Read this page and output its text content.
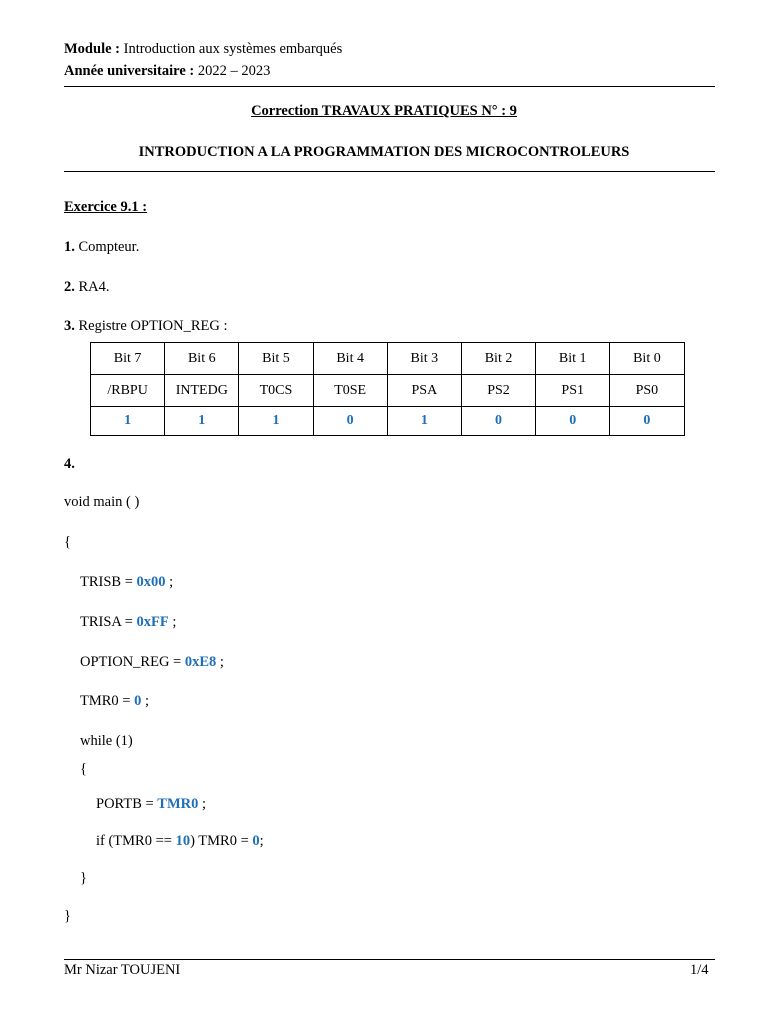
Module : Introduction aux systèmes embarqués
Année universitaire : 2022 – 2023
Correction TRAVAUX PRATIQUES N° : 9
INTRODUCTION A LA PROGRAMMATION DES MICROCONTROLEURS
Exercice 9.1 :
1. Compteur.
2. RA4.
3. Registre OPTION_REG :
Bit 7	Bit 6	Bit 5	Bit 4	Bit 3	Bit 2	Bit 1	Bit 0
/RBPU	INTEDG	T0CS	T0SE	PSA	PS2	PS1	PS0
1	1	1	0	1	0	0	0
4.
void main ( )
{
TRISB = 0x00 ;
TRISA = 0xFF ;
OPTION_REG = 0xE8 ;
TMR0 = 0 ;
while (1)
{
PORTB = TMR0 ;
if (TMR0 == 10) TMR0 = 0;
}
}
Mr Nizar TOUJENI	1/4
